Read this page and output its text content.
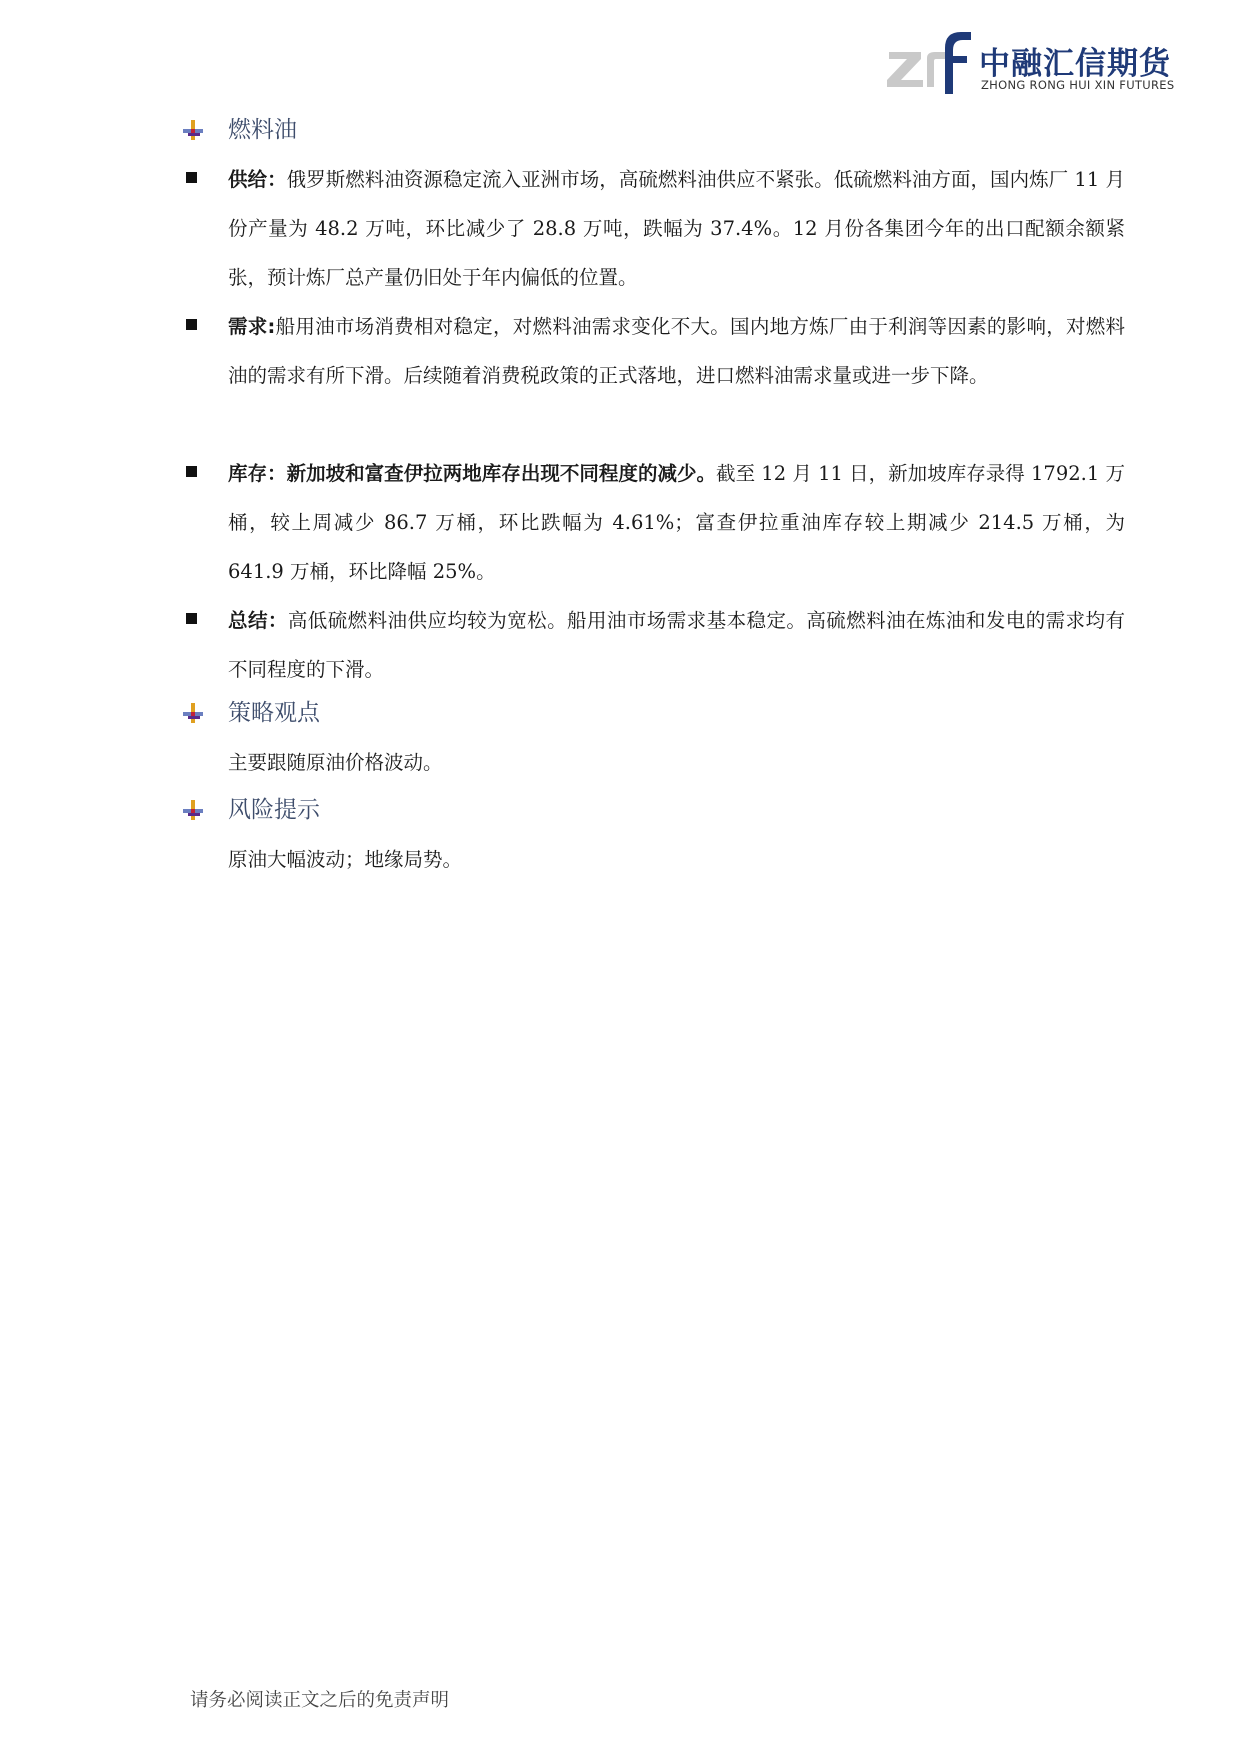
中融汇信期货
ZHONG RONG HUI XIN FUTURES
燃料油
供给：俄罗斯燃料油资源稳定流入亚洲市场，高硫燃料油供应不紧张。低硫燃料油方面，国内炼厂 11 月份产量为 48.2 万吨，环比减少了 28.8 万吨，跌幅为 37.4%。12 月份各集团今年的出口配额余额紧张，预计炼厂总产量仍旧处于年内偏低的位置。
需求:船用油市场消费相对稳定，对燃料油需求变化不大。国内地方炼厂由于利润等因素的影响，对燃料油的需求有所下滑。后续随着消费税政策的正式落地，进口燃料油需求量或进一步下降。
库存：新加坡和富查伊拉两地库存出现不同程度的减少。截至 12 月 11 日，新加坡库存录得 1792.1 万桶，较上周减少 86.7 万桶，环比跌幅为 4.61%；富查伊拉重油库存较上期减少 214.5 万桶，为 641.9 万桶，环比降幅 25%。
总结：高低硫燃料油供应均较为宽松。船用油市场需求基本稳定。高硫燃料油在炼油和发电的需求均有不同程度的下滑。
策略观点
主要跟随原油价格波动。
风险提示
原油大幅波动；地缘局势。
请务必阅读正文之后的免责声明
